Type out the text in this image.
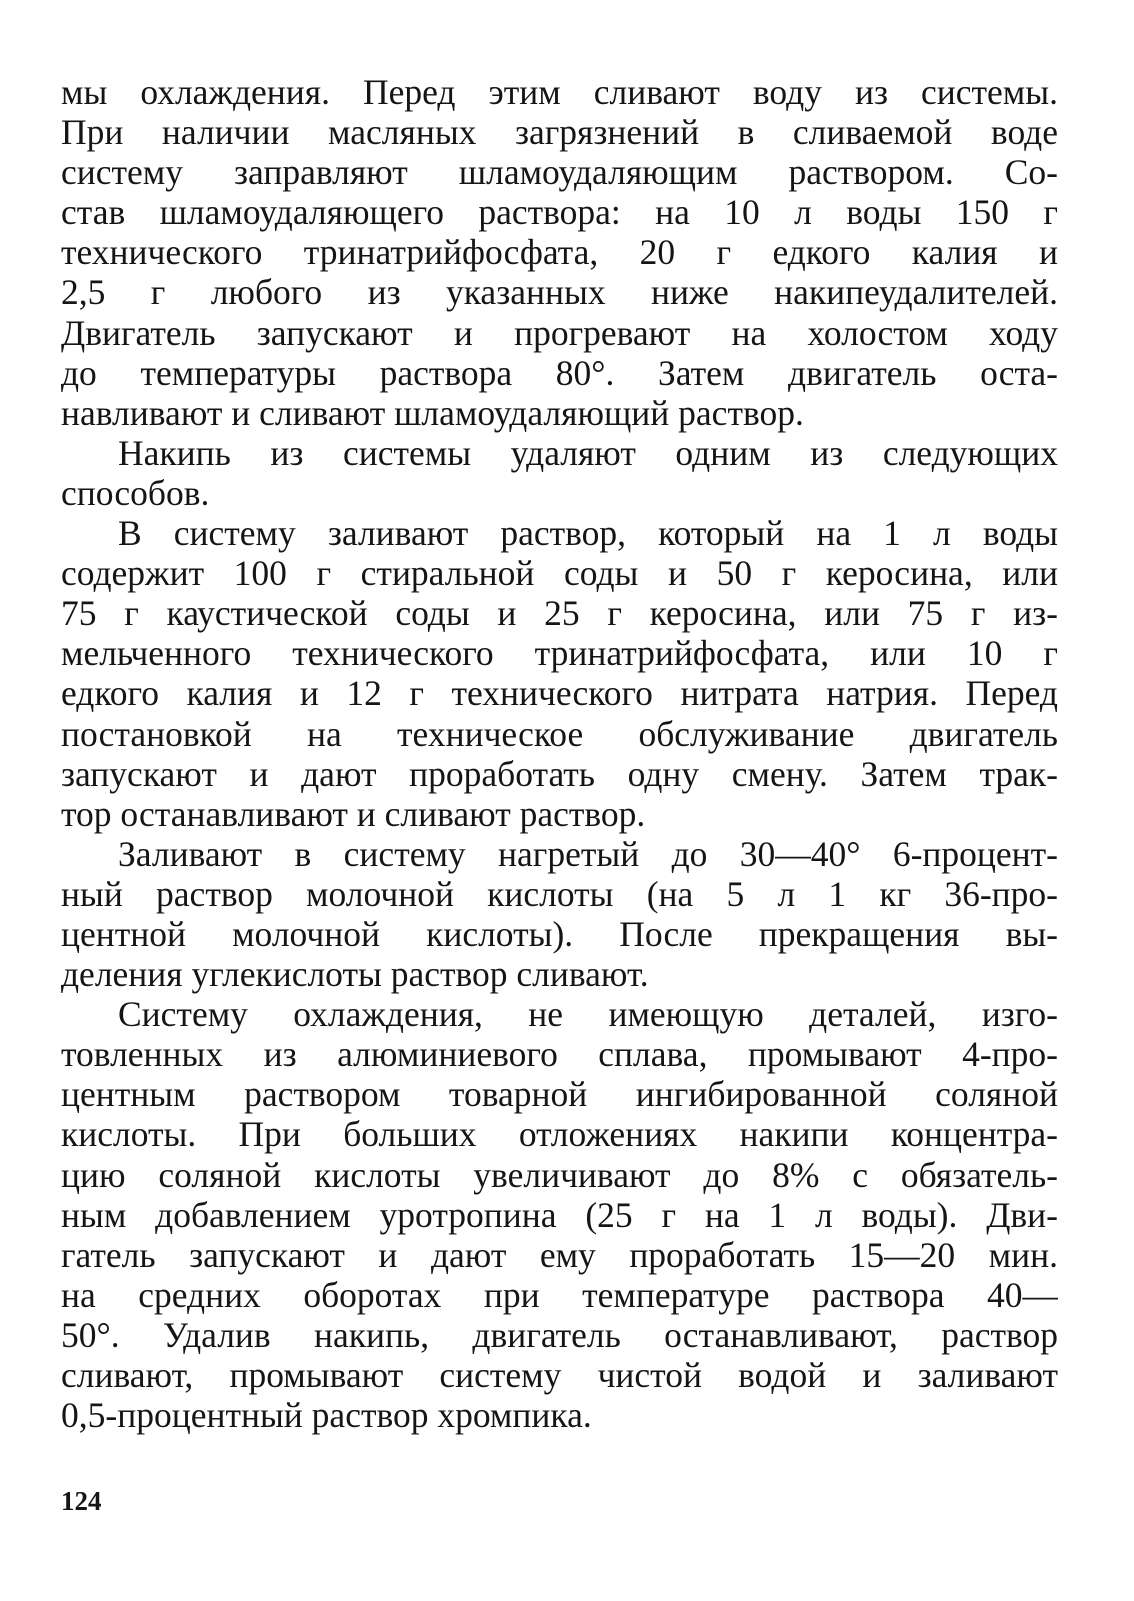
мы охлаждения. Перед этим сливают воду из системы.
При наличии масляных загрязнений в сливаемой воде
систему заправляют шламоудаляющим раствором. Со-
став шламоудаляющего раствора: на 10 л воды 150 г
технического тринатрийфосфата, 20 г едкого калия и
2,5 г любого из указанных ниже накипеудалителей.
Двигатель запускают и прогревают на холостом ходу
до температуры раствора 80°. Затем двигатель оста-
навливают и сливают шламоудаляющий раствор.
Накипь из системы удаляют одним из следующих
способов.
В систему заливают раствор, который на 1 л воды
содержит 100 г стиральной соды и 50 г керосина, или
75 г каустической соды и 25 г керосина, или 75 г из-
мельченного технического тринатрийфосфата, или 10 г
едкого калия и 12 г технического нитрата натрия. Перед
постановкой на техническое обслуживание двигатель
запускают и дают проработать одну смену. Затем трак-
тор останавливают и сливают раствор.
Заливают в систему нагретый до 30—40° 6-процент-
ный раствор молочной кислоты (на 5 л 1 кг 36-про-
центной молочной кислоты). После прекращения вы-
деления углекислоты раствор сливают.
Систему охлаждения, не имеющую деталей, изго-
товленных из алюминиевого сплава, промывают 4-про-
центным раствором товарной ингибированной соляной
кислоты. При больших отложениях накипи концентра-
цию соляной кислоты увеличивают до 8% с обязатель-
ным добавлением уротропина (25 г на 1 л воды). Дви-
гатель запускают и дают ему проработать 15—20 мин.
на средних оборотах при температуре раствора 40—
50°. Удалив накипь, двигатель останавливают, раствор
сливают, промывают систему чистой водой и заливают
0,5-процентный раствор хромпика.
124
